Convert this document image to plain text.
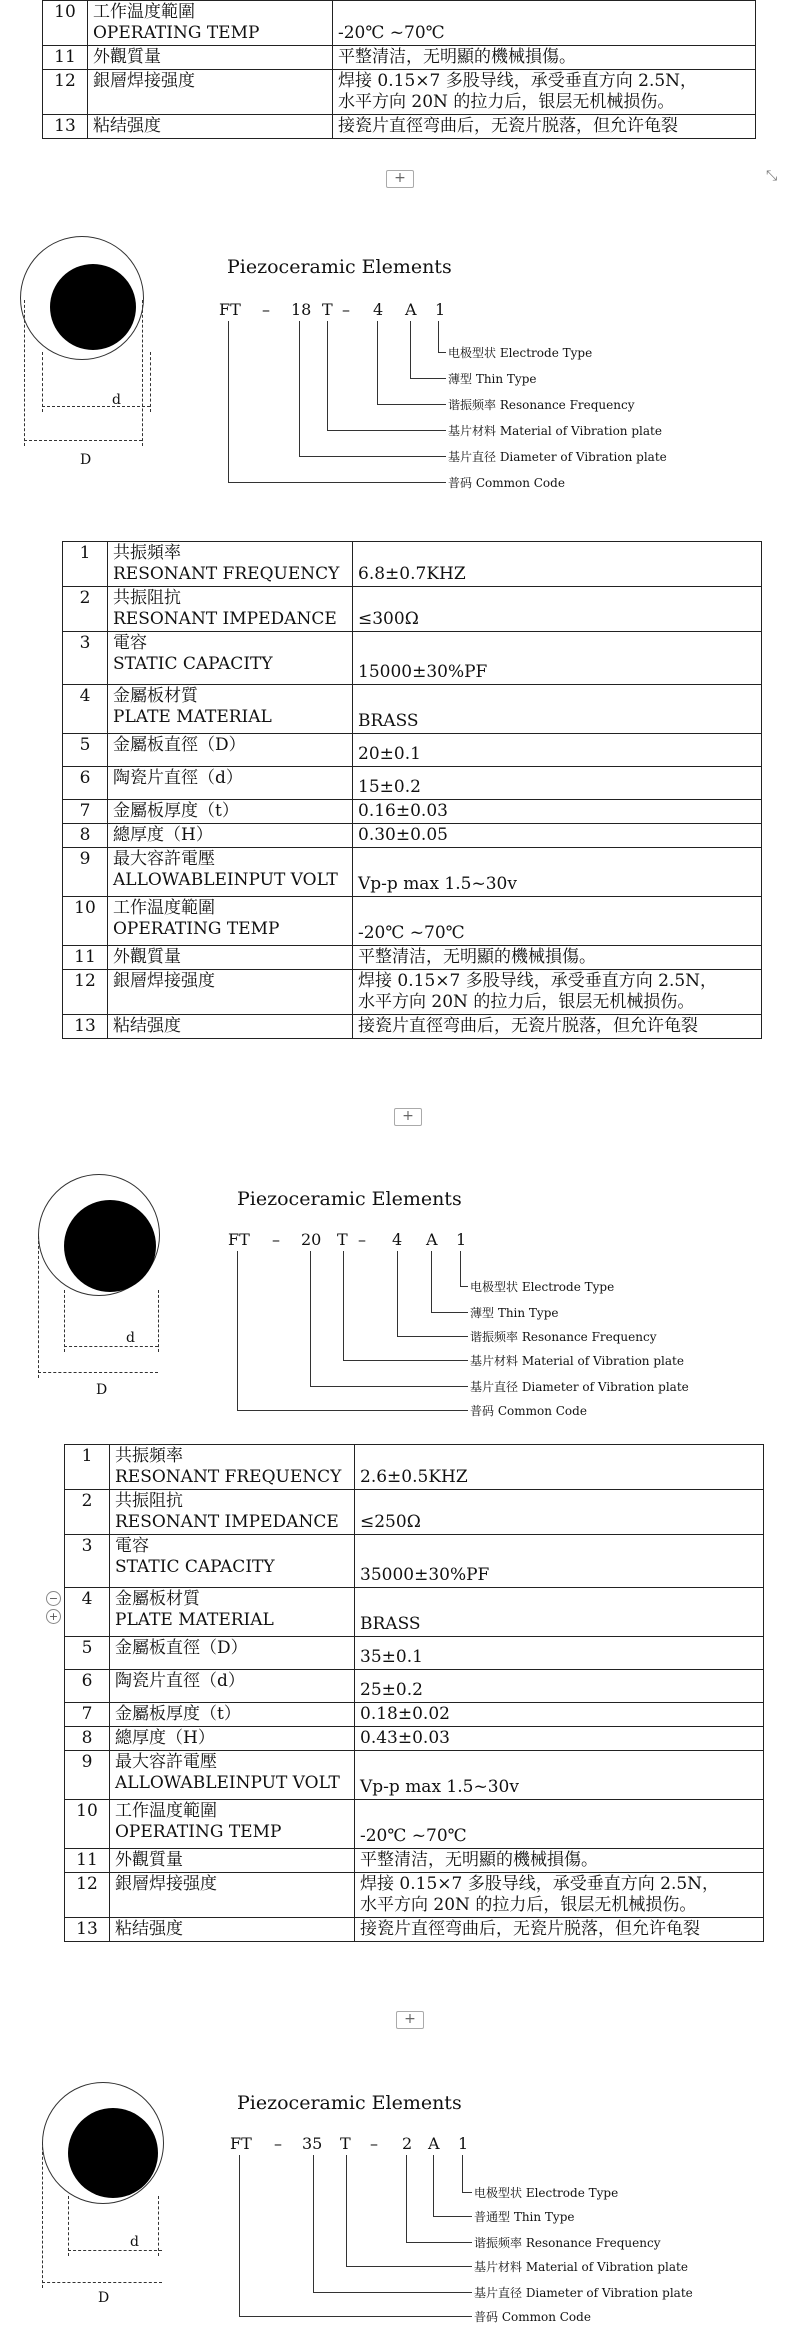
10	工作温度範圍
OPERATING TEMP	-20℃ ~70℃
11	外觀質量	平整清洁，无明顯的機械損傷。
12	銀層焊接强度	焊接 0.15×7 多股导线，承受垂直方向 2.5N，
水平方向 20N 的拉力后，银层无机械损伤。

13	粘结强度	接瓷片直徑弯曲后，无瓷片脱落，但允许龟裂
+	⤡
d
D
Piezoceramic Elements
FT – 18 T – 4 A 1
电极型状 Electrode Type
薄型 Thin Type
谐振频率 Resonance Frequency
基片材料 Material of Vibration plate
基片直径 Diameter of Vibration plate
普码 Common Code
1	共振頻率
RESONANT FREQUENCY	6.8±0.7KHZ
2	共振阻抗
RESONANT IMPEDANCE	≤300Ω
3	電容
STATIC CAPACITY	15000±30%PF
4	金屬板材質
PLATE MATERIAL	BRASS
5	金屬板直徑（D）	20±0.1
6	陶瓷片直徑（d）	15±0.2
7	金屬板厚度（t）	0.16±0.03
8	總厚度（H）	0.30±0.05
9	最大容許電壓
ALLOWABLEINPUT VOLT	Vp-p max 1.5~30v
10	工作温度範圍
OPERATING TEMP	-20℃ ~70℃
11	外觀質量	平整清洁，无明顯的機械損傷。
12	銀層焊接强度	焊接 0.15×7 多股导线，承受垂直方向 2.5N，
水平方向 20N 的拉力后，银层无机械损伤。

13	粘结强度	接瓷片直徑弯曲后，无瓷片脱落，但允许龟裂
+
d
D
Piezoceramic Elements
FT – 20 T – 4 A 1
电极型状 Electrode Type
薄型 Thin Type
谐振频率 Resonance Frequency
基片材料 Material of Vibration plate
基片直径 Diameter of Vibration plate
普码 Common Code
−
+
1	共振頻率
RESONANT FREQUENCY	2.6±0.5KHZ
2	共振阻抗
RESONANT IMPEDANCE	≤250Ω
3	電容
STATIC CAPACITY	35000±30%PF
4	金屬板材質
PLATE MATERIAL	BRASS
5	金屬板直徑（D）	35±0.1
6	陶瓷片直徑（d）	25±0.2
7	金屬板厚度（t）	0.18±0.02
8	總厚度（H）	0.43±0.03
9	最大容許電壓
ALLOWABLEINPUT VOLT	Vp-p max 1.5~30v
10	工作温度範圍
OPERATING TEMP	-20℃ ~70℃
11	外觀質量	平整清洁，无明顯的機械損傷。
12	銀層焊接强度	焊接 0.15×7 多股导线，承受垂直方向 2.5N，
水平方向 20N 的拉力后，银层无机械损伤。

13	粘结强度	接瓷片直徑弯曲后，无瓷片脱落，但允许龟裂
+
d
D
Piezoceramic Elements
FT – 35 T – 2 A 1
电极型状 Electrode Type
普通型 Thin Type
谐振频率 Resonance Frequency
基片材料 Material of Vibration plate
基片直径 Diameter of Vibration plate
普码 Common Code
